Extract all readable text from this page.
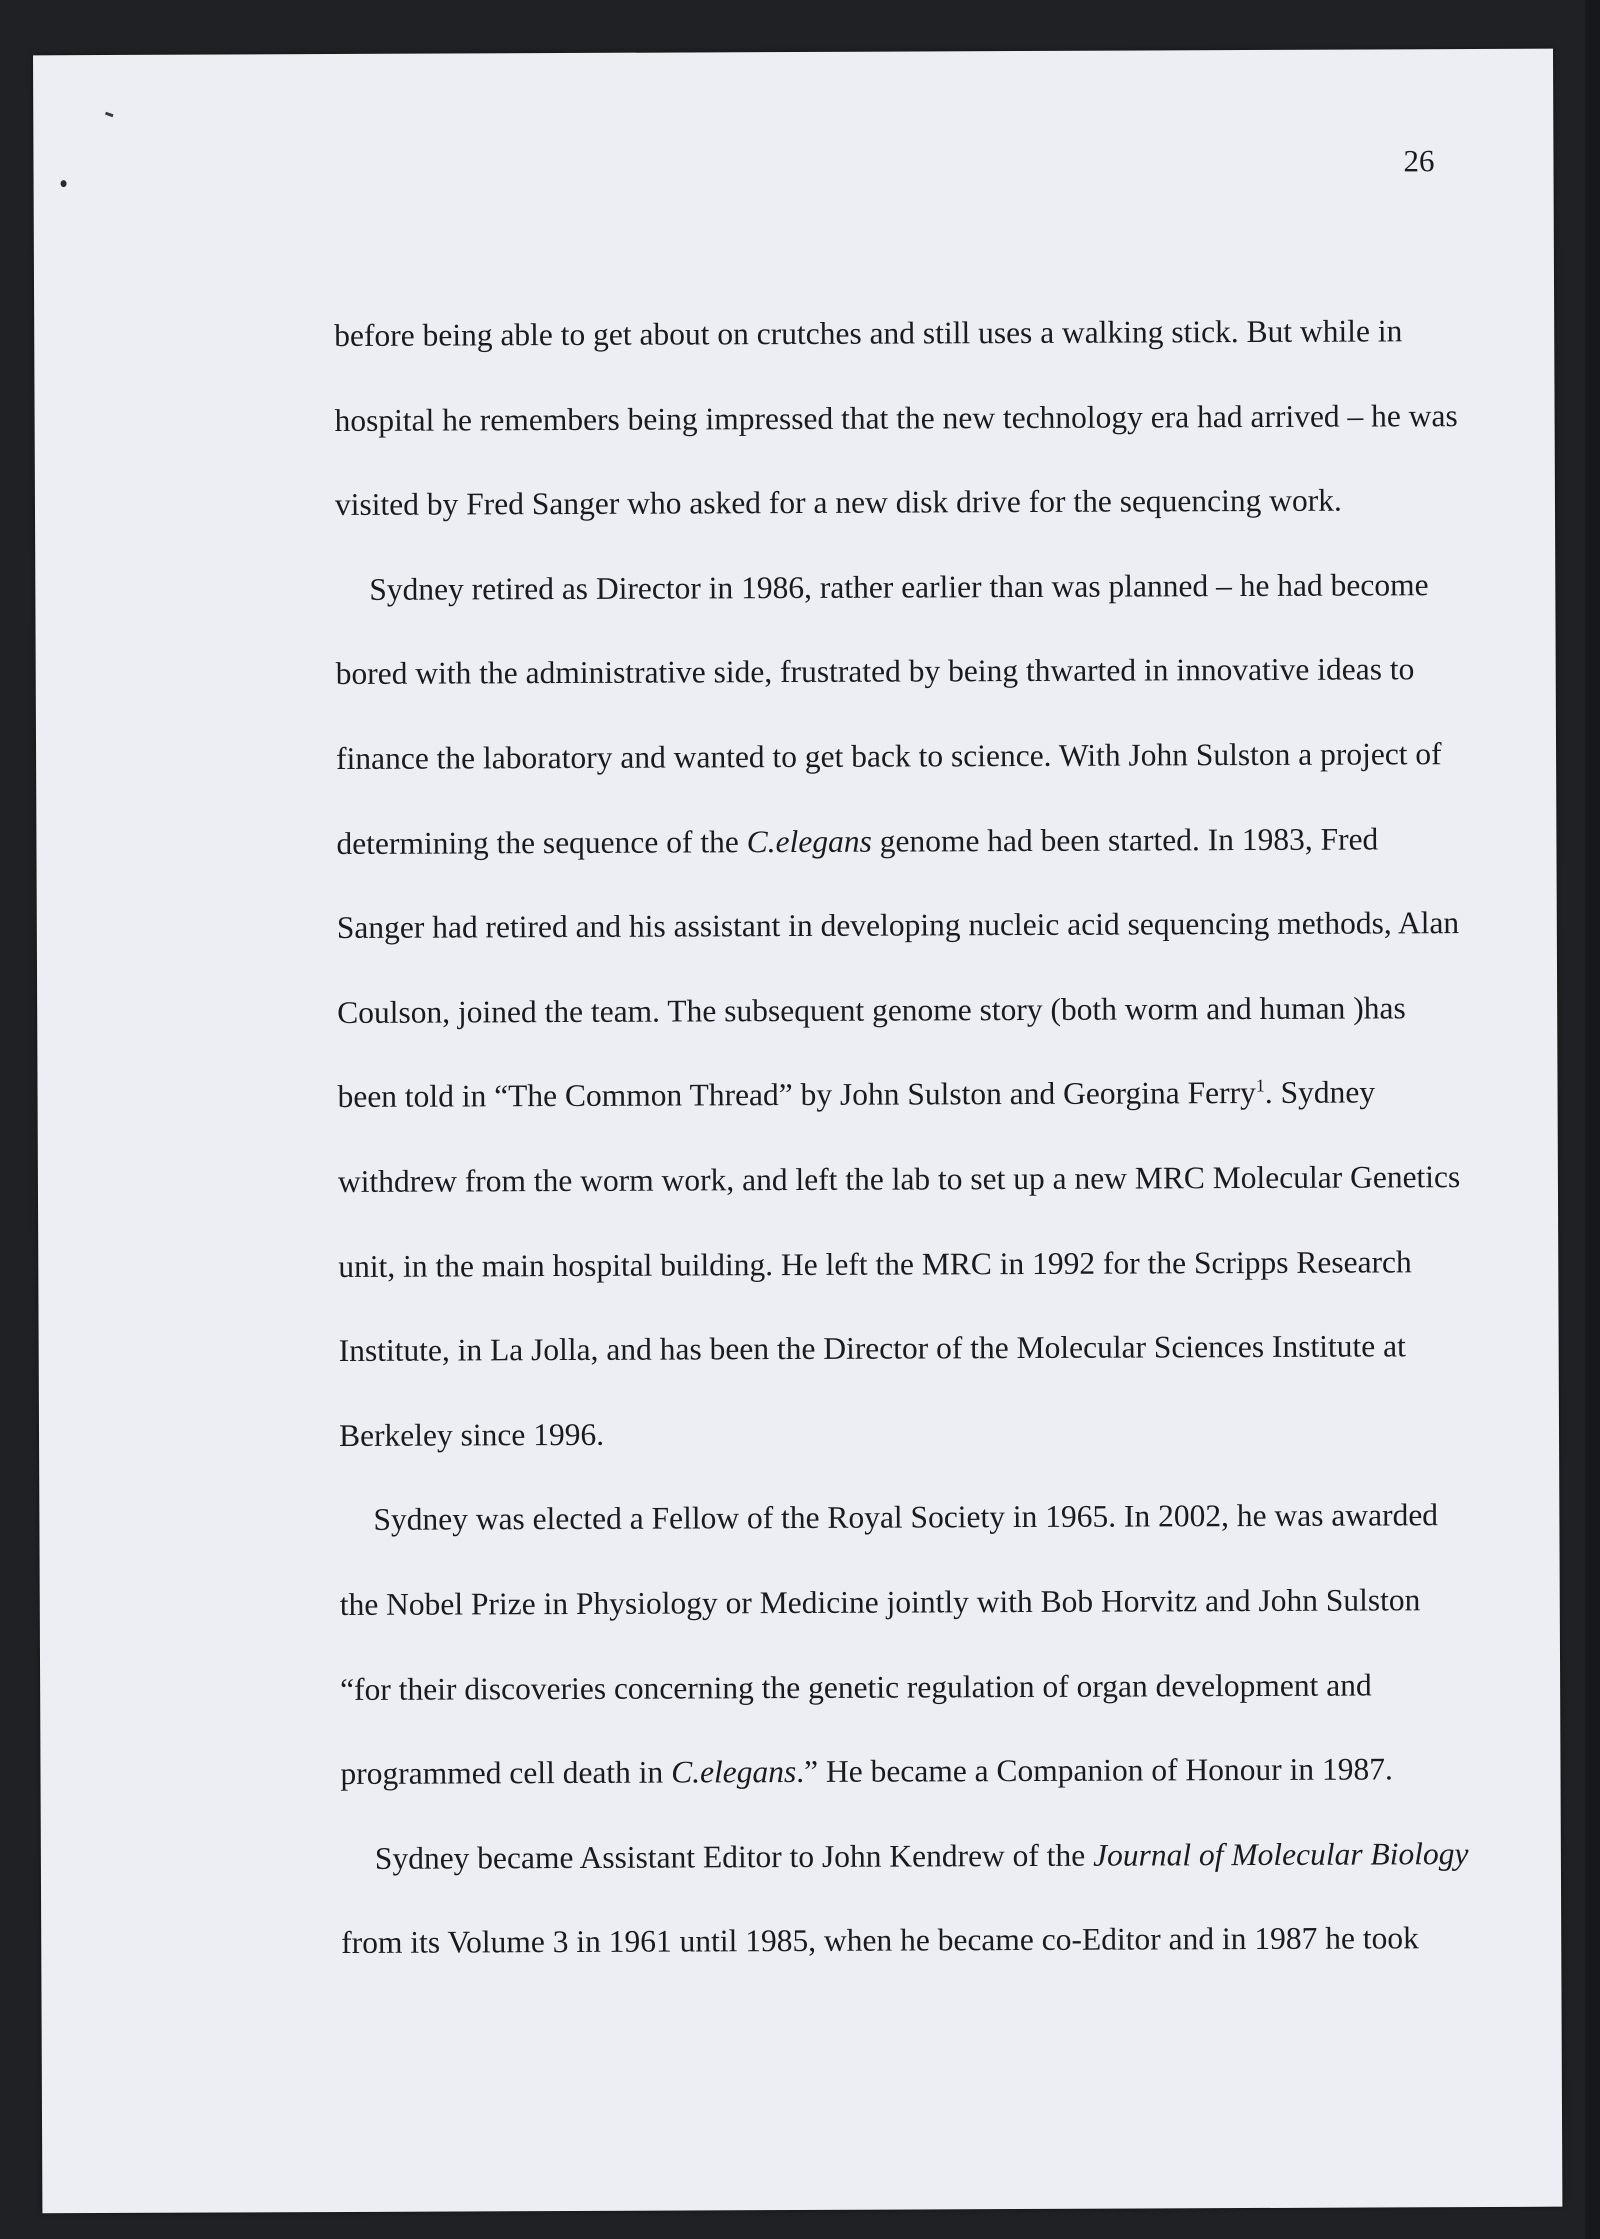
26

before being able to get about on crutches and still uses a walking stick. But while in
hospital he remembers being impressed that the new technology era had arrived – he was
visited by Fred Sanger who asked for a new disk drive for the sequencing work.
Sydney retired as Director in 1986, rather earlier than was planned – he had become
bored with the administrative side, frustrated by being thwarted in innovative ideas to
finance the laboratory and wanted to get back to science. With John Sulston a project of
determining the sequence of the C.elegans genome had been started. In 1983, Fred
Sanger had retired and his assistant in developing nucleic acid sequencing methods, Alan
Coulson, joined the team. The subsequent genome story (both worm and human )has
been told in “The Common Thread” by John Sulston and Georgina Ferry$^1$. Sydney
withdrew from the worm work, and left the lab to set up a new MRC Molecular Genetics
unit, in the main hospital building. He left the MRC in 1992 for the Scripps Research
Institute, in La Jolla, and has been the Director of the Molecular Sciences Institute at
Berkeley since 1996.
Sydney was elected a Fellow of the Royal Society in 1965. In 2002, he was awarded
the Nobel Prize in Physiology or Medicine jointly with Bob Horvitz and John Sulston
“for their discoveries concerning the genetic regulation of organ development and
programmed cell death in C.elegans.” He became a Companion of Honour in 1987.
Sydney became Assistant Editor to John Kendrew of the Journal of Molecular Biology
from its Volume 3 in 1961 until 1985, when he became co-Editor and in 1987 he took
